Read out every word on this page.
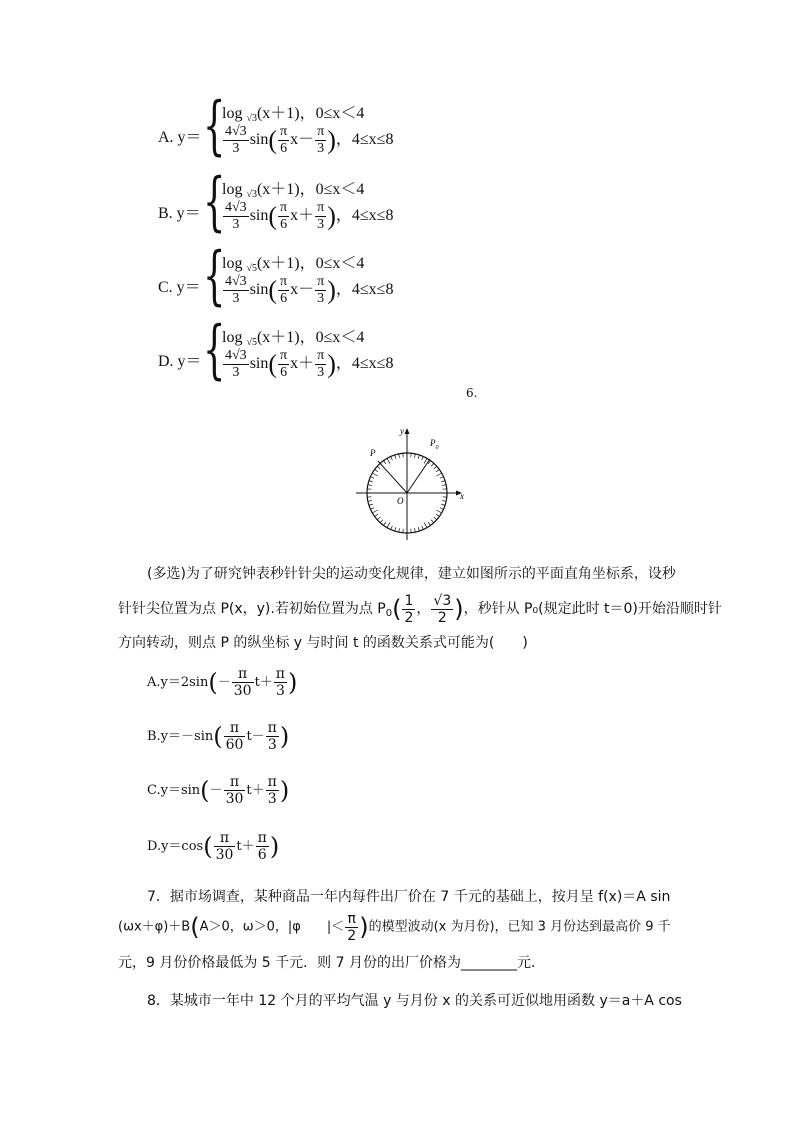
A. y＝ {
log $_{√3}$(x＋1)，0≤x＜4
$\frac{4√3}{3} \sin( \frac{\pi}{6} x- \frac{\pi}{3}$ )，4≤x≤8
B. y＝ {
log $_{√3}$(x＋1)，0≤x＜4
$\frac{4√3}{3} \sin( \frac{\pi}{6} x+ \frac{\pi}{3}$ )，4≤x≤8
C. y＝ {
log $_{√5}$(x＋1)，0≤x＜4
$\frac{4√3}{3} \sin( \frac{\pi}{6} x- \frac{\pi}{3}$ )，4≤x≤8
D. y＝ {
log $_{√5}$(x＋1)，0≤x＜4
$\frac{4√3}{3} \sin( \frac{\pi}{6} x+ \frac{\pi}{3}$ )，4≤x≤8
6.
y
x
O
P
$P_0$
(多选)为了研究钟表秒针针尖的运动变化规律，建立如图所示的平面直角坐标系，设秒
针针尖位置为点 P(x，y).若初始位置为点 $P_0( \frac{1}{2}$ ， $\frac{√3}{2}$ )，秒针从 P₀(规定此时 t＝0)开始沿顺时针
方向转动，则点 P 的纵坐标 y 与时间 t 的函数关系式可能为(　　)
$A.y=2\sin(- \frac{\pi}{30} t+ \frac{\pi}{3}$ )
$B.y=-\sin( \frac{\pi}{60} t- \frac{\pi}{3}$ )
$C.y=\sin(- \frac{\pi}{30} t+ \frac{\pi}{3}$ )
$D.y=\cos( \frac{\pi}{30} t+ \frac{\pi}{6}$ )
7．据市场调查，某种商品一年内每件出厂价在 7 千元的基础上，按月呈 f(x)＝A sin
(ωx＋φ)＋B(A＞0，ω＞0，|φ　　|＜ $\frac{\pi}{2}$ )的模型波动(x 为月份)，已知 3 月份达到最高价 9 千
元，9 月份价格最低为 5 千元．则 7 月份的出厂价格为________元．
8．某城市一年中 12 个月的平均气温 y 与月份 x 的关系可近似地用函数 y＝a＋A cos
